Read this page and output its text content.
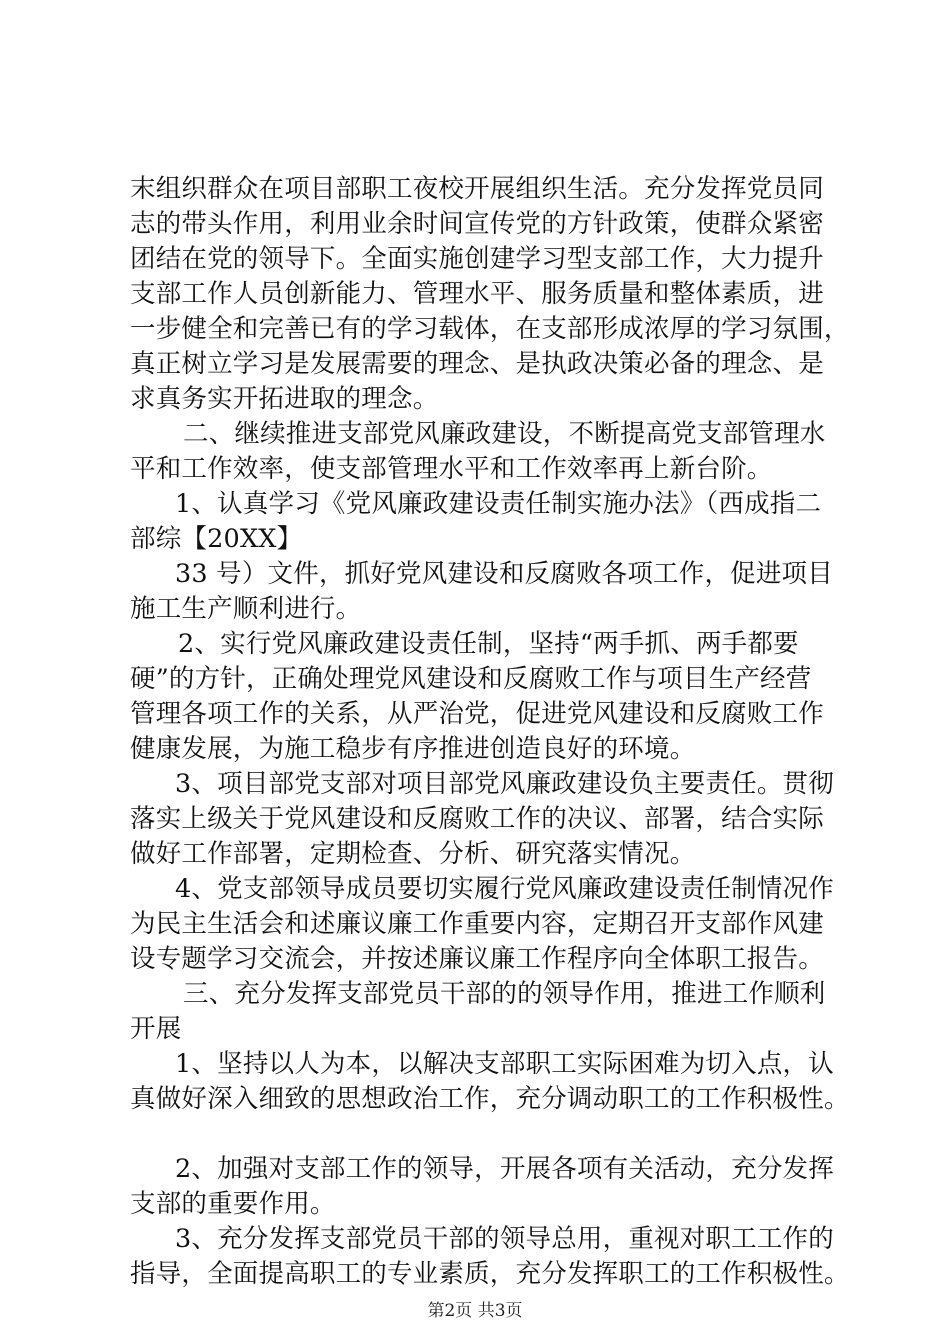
末组织群众在项目部职工夜校开展组织生活。充分发挥党员同
志的带头作用，利用业余时间宣传党的方针政策，使群众紧密
团结在党的领导下。全面实施创建学习型支部工作，大力提升
支部工作人员创新能力、管理水平、服务质量和整体素质，进
一步健全和完善已有的学习载体，在支部形成浓厚的学习氛围，
真正树立学习是发展需要的理念、是执政决策必备的理念、是
求真务实开拓进取的理念。
二、继续推进支部党风廉政建设，不断提高党支部管理水
平和工作效率，使支部管理水平和工作效率再上新台阶。
1、认真学习《党风廉政建设责任制实施办法》（西成指二
部综【20XX】
33 号）文件，抓好党风建设和反腐败各项工作，促进项目
施工生产顺利进行。
2、实行党风廉政建设责任制，坚持“两手抓、两手都要
硬”的方针，正确处理党风建设和反腐败工作与项目生产经营
管理各项工作的关系，从严治党，促进党风建设和反腐败工作
健康发展，为施工稳步有序推进创造良好的环境。
3、项目部党支部对项目部党风廉政建设负主要责任。贯彻
落实上级关于党风建设和反腐败工作的决议、部署，结合实际
做好工作部署，定期检查、分析、研究落实情况。
4、党支部领导成员要切实履行党风廉政建设责任制情况作
为民主生活会和述廉议廉工作重要内容，定期召开支部作风建
设专题学习交流会，并按述廉议廉工作程序向全体职工报告。
三、充分发挥支部党员干部的的领导作用，推进工作顺利
开展
1、坚持以人为本，以解决支部职工实际困难为切入点，认
真做好深入细致的思想政治工作，充分调动职工的工作积极性。
2、加强对支部工作的领导，开展各项有关活动，充分发挥
支部的重要作用。
3、充分发挥支部党员干部的领导总用，重视对职工工作的
指导，全面提高职工的专业素质，充分发挥职工的工作积极性。
第2页 共3页
